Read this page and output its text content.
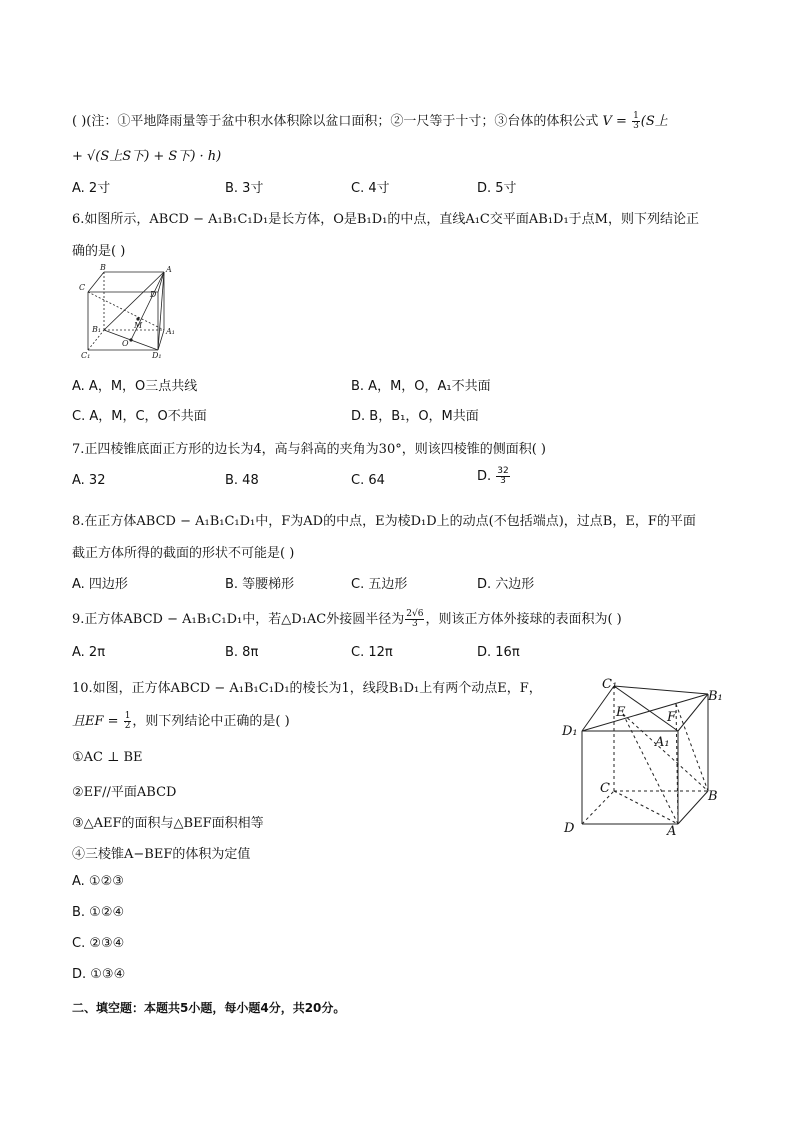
( )(注：①平地降雨量等于盆中积水体积除以盆口面积；②一尺等于十寸；③台体的体积公式 $V = \frac{1}{3} (S$上
+ √(S上S下) + S下) · h)
A. 2寸	B. 3寸	C. 4寸	D. 5寸
6.如图所示，ABCD − A₁B₁C₁D₁是长方体，O是B₁D₁的中点，直线A₁C交平面AB₁D₁于点M，则下列结论正
确的是( )
B	A
C
D
B₁	M
A₁
O
C₁	D₁
A. A，M，O三点共线	B. A，M，O，A₁不共面
C. A，M，C，O不共面	D. B，B₁，O，M共面
7.正四棱锥底面正方形的边长为4，高与斜高的夹角为30°，则该四棱锥的侧面积( )
A. 32	B. 48	C. 64	D. $\frac{32}{3}$
8.在正方体ABCD − A₁B₁C₁D₁中，F为AD的中点，E为棱D₁D上的动点(不包括端点)，过点B，E，F的平面
截正方体所得的截面的形状不可能是( )
A. 四边形	B. 等腰梯形	C. 五边形	D. 六边形
9.正方体ABCD − A₁B₁C₁D₁中，若△D₁AC外接圆半径为 $\frac{2√6}{3}$ ，则该正方体外接球的表面积为( )
A. 2π	B. 8π	C. 12π	D. 16π
10.如图，正方体ABCD − A₁B₁C₁D₁的棱长为1，线段B₁D₁上有两个动点E，F，
且EF = $\frac{1}{2}$ ，则下列结论中正确的是( )
①AC ⊥ BE
②EF//平面ABCD
③△AEF的面积与△BEF面积相等
④三棱锥A−BEF的体积为定值
A. ①②③
B. ①②④
C. ②③④
D. ①③④
C₁
B₁
E	F
D₁
A₁
C
B
D	A
二、填空题：本题共5小题，每小题4分，共20分。
